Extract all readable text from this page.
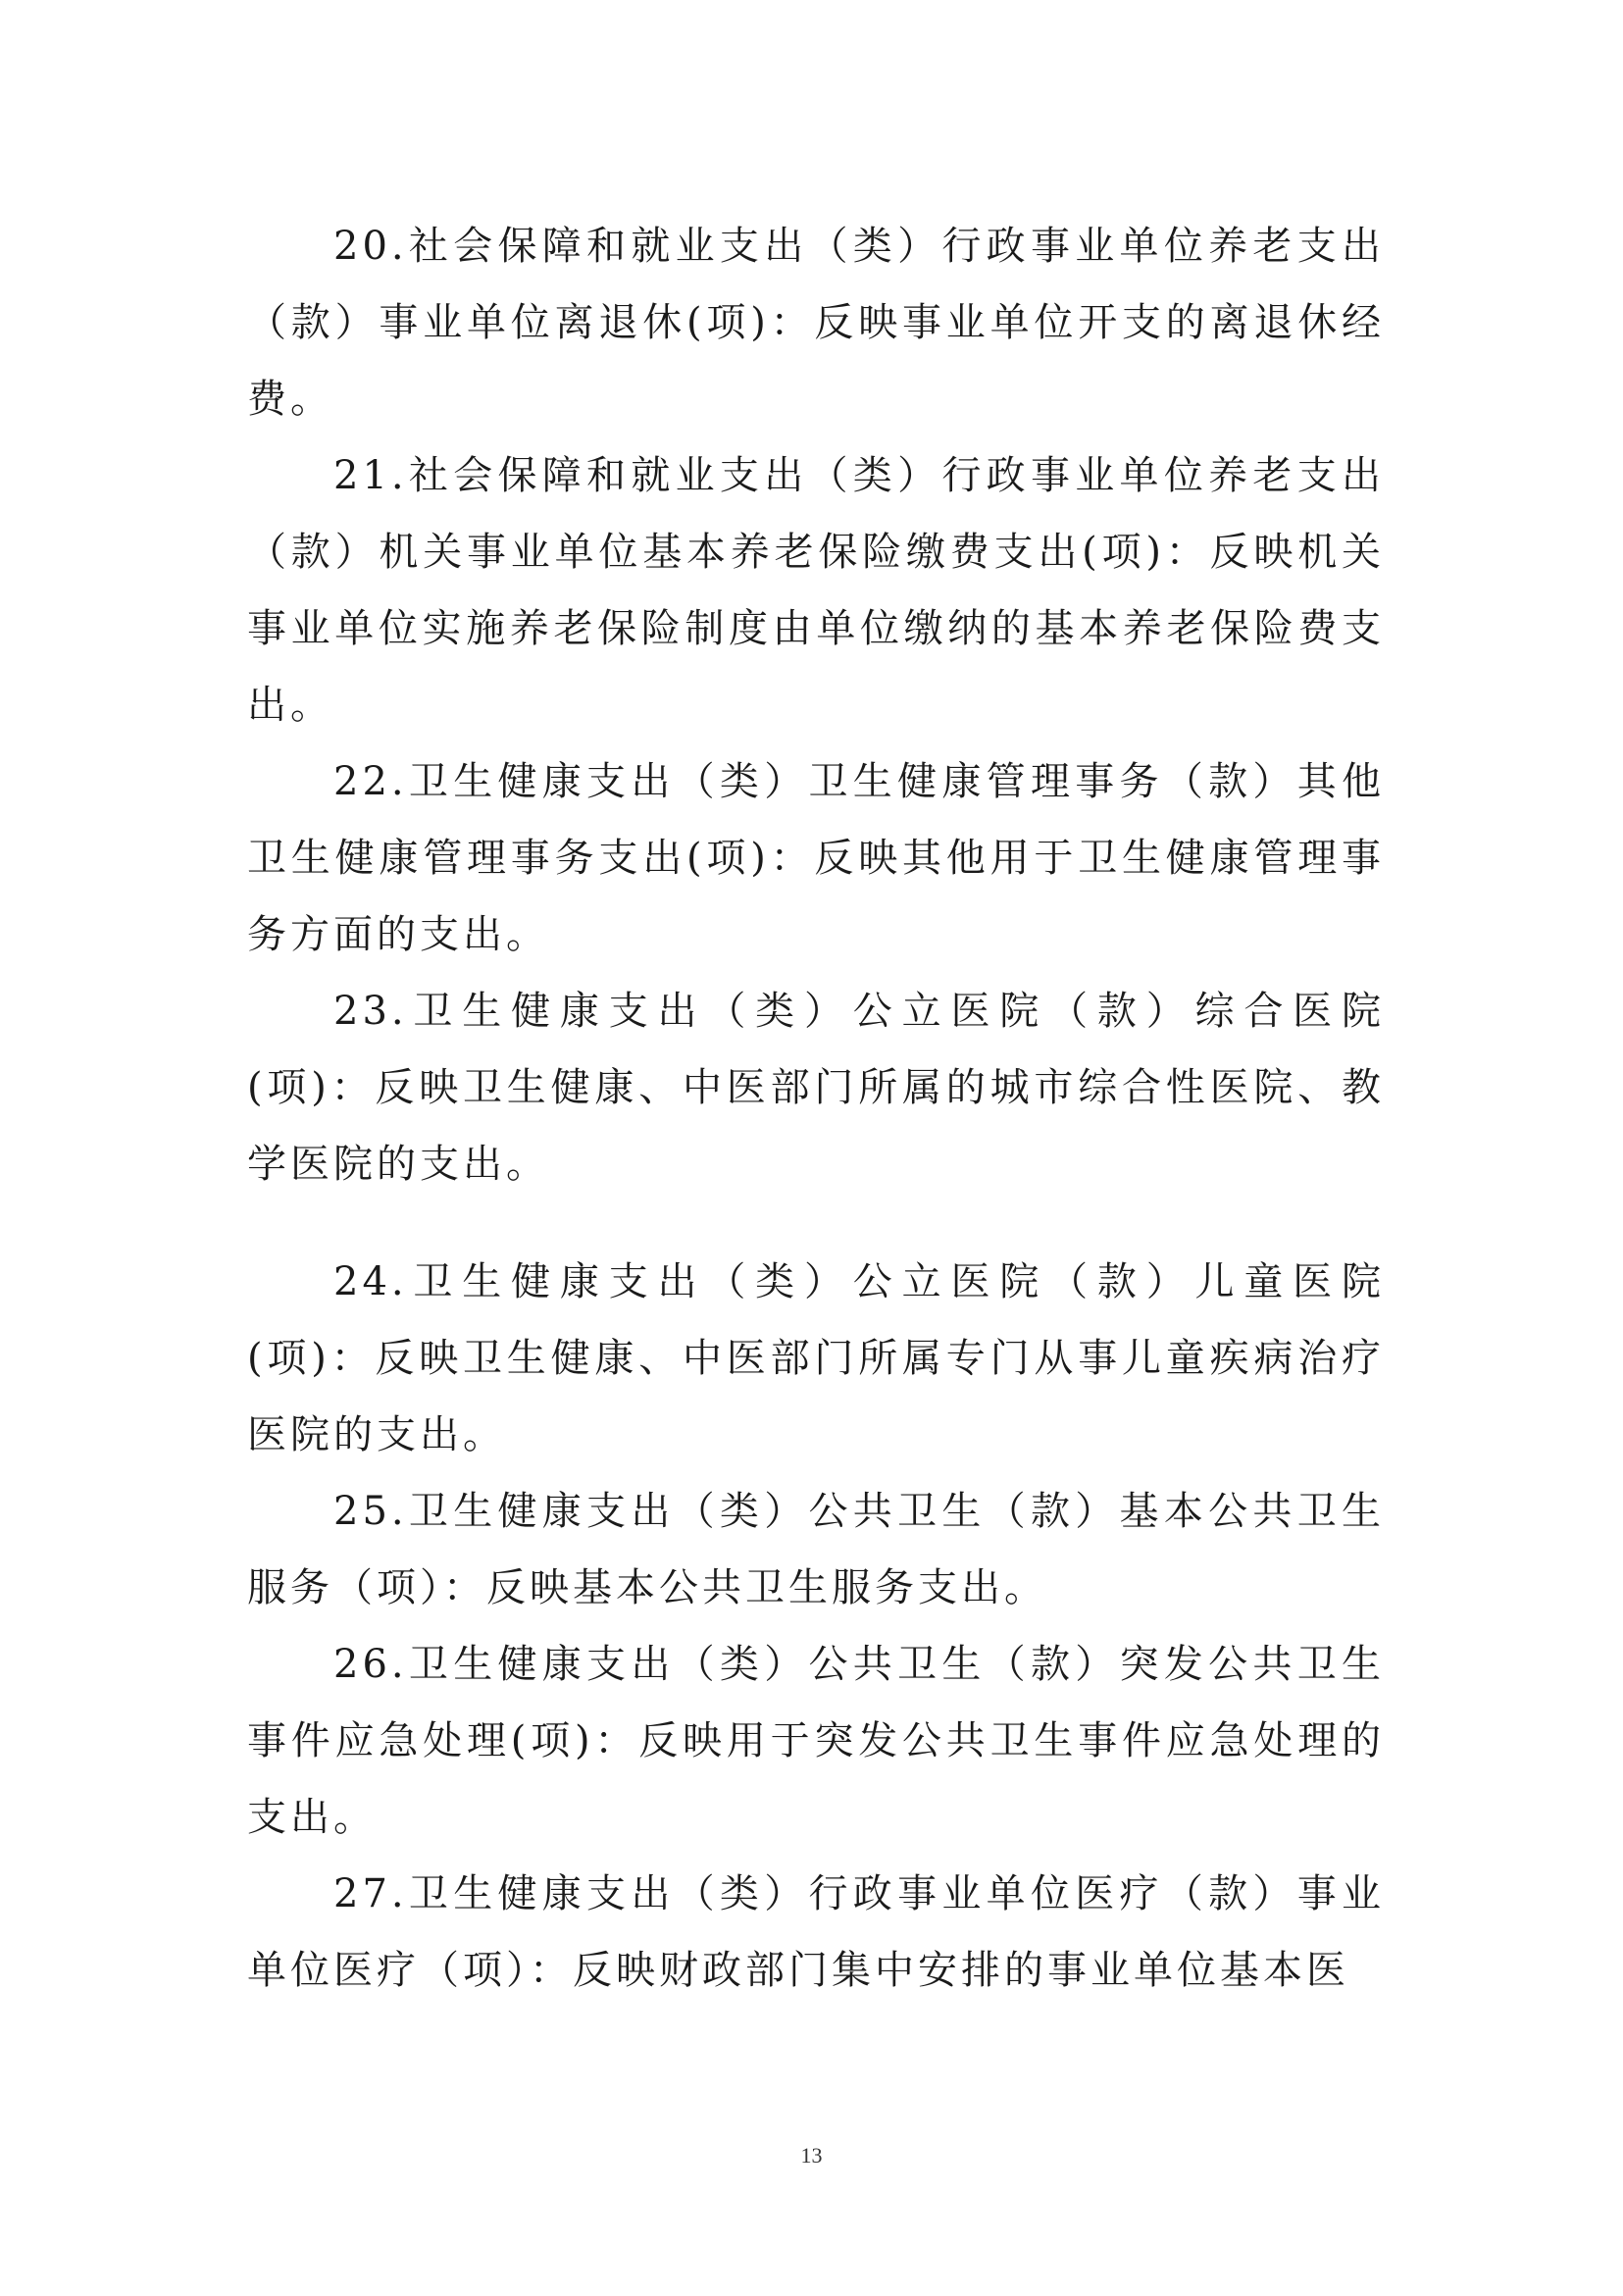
20.社会保障和就业支出（类）行政事业单位养老支出（款）事业单位离退休(项)：反映事业单位开支的离退休经费。

21.社会保障和就业支出（类）行政事业单位养老支出（款）机关事业单位基本养老保险缴费支出(项)：反映机关事业单位实施养老保险制度由单位缴纳的基本养老保险费支出。

22.卫生健康支出（类）卫生健康管理事务（款）其他卫生健康管理事务支出(项)：反映其他用于卫生健康管理事务方面的支出。

23.卫生健康支出（类）公立医院（款）综合医院(项)：反映卫生健康、中医部门所属的城市综合性医院、教学医院的支出。

24.卫生健康支出（类）公立医院（款）儿童医院(项)：反映卫生健康、中医部门所属专门从事儿童疾病治疗医院的支出。

25.卫生健康支出（类）公共卫生（款）基本公共卫生服务（项）：反映基本公共卫生服务支出。

26.卫生健康支出（类）公共卫生（款）突发公共卫生事件应急处理(项)：反映用于突发公共卫生事件应急处理的支出。

27.卫生健康支出（类）行政事业单位医疗（款）事业单位医疗（项）：反映财政部门集中安排的事业单位基本医

13
